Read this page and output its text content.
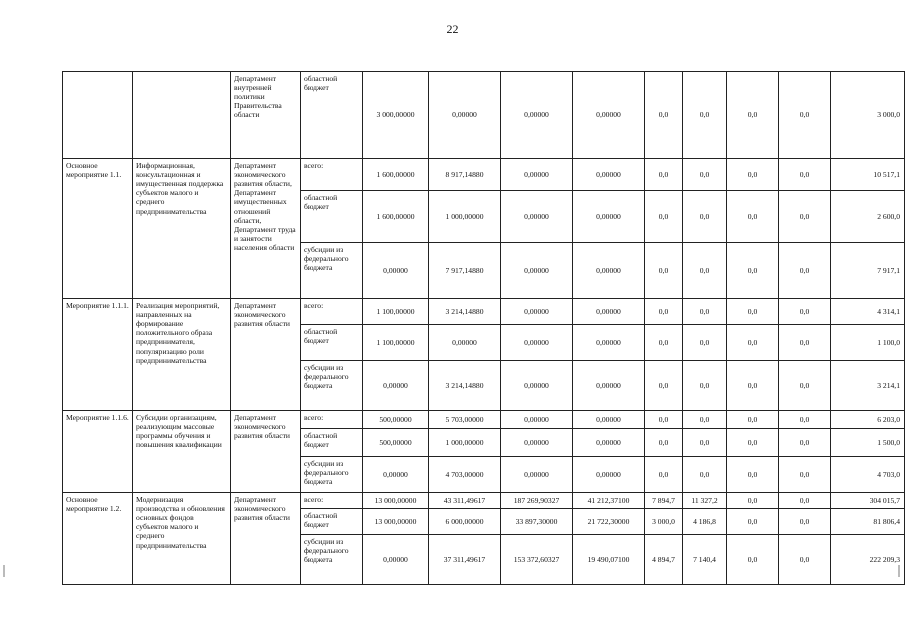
22
		Департамент внутренней политики Правительства области	областной бюджет	3 000,00000	0,00000	0,00000	0,00000	0,0	0,0	0,0	0,0	3 000,0
Основное мероприятие 1.1.	Информационная, консультационная и имущественная поддержка субъектов малого и среднего предпринимательства	Департамент экономического развития области, Департамент имущественных отношений области, Департамент труда и занятости населения области	всего:	1 600,00000	8 917,14880	0,00000	0,00000	0,0	0,0	0,0	0,0	10 517,1
			областной бюджет	1 600,00000	1 000,00000	0,00000	0,00000	0,0	0,0	0,0	0,0	2 600,0
			субсидии из федерального бюджета	0,00000	7 917,14880	0,00000	0,00000	0,0	0,0	0,0	0,0	7 917,1
Мероприятие 1.1.1.	Реализация мероприятий, направленных на формирование положительного образа предпринимателя, популяризацию роли предпринимательства	Департамент экономического развития области	всего:	1 100,00000	3 214,14880	0,00000	0,00000	0,0	0,0	0,0	0,0	4 314,1
			областной бюджет	1 100,00000	0,00000	0,00000	0,00000	0,0	0,0	0,0	0,0	1 100,0
			субсидии из федерального бюджета	0,00000	3 214,14880	0,00000	0,00000	0,0	0,0	0,0	0,0	3 214,1
Мероприятие 1.1.6.	Субсидии организациям, реализующим массовые программы обучения и повышения квалификации	Департамент экономического развития области	всего:	500,00000	5 703,00000	0,00000	0,00000	0,0	0,0	0,0	0,0	6 203,0
			областной бюджет	500,00000	1 000,00000	0,00000	0,00000	0,0	0,0	0,0	0,0	1 500,0
			субсидии из федерального бюджета	0,00000	4 703,00000	0,00000	0,00000	0,0	0,0	0,0	0,0	4 703,0
Основное мероприятие 1.2.	Модернизация производства и обновления основных фондов субъектов малого и среднего предпринимательства	Департамент экономического развития области	всего:	13 000,00000	43 311,49617	187 269,90327	41 212,37100	7 894,7	11 327,2	0,0	0,0	304 015,7
			областной бюджет	13 000,00000	6 000,00000	33 897,30000	21 722,30000	3 000,0	4 186,8	0,0	0,0	81 806,4
			субсидии из федерального бюджета	0,00000	37 311,49617	153 372,60327	19 490,07100	4 894,7	7 140,4	0,0	0,0	222 209,3
